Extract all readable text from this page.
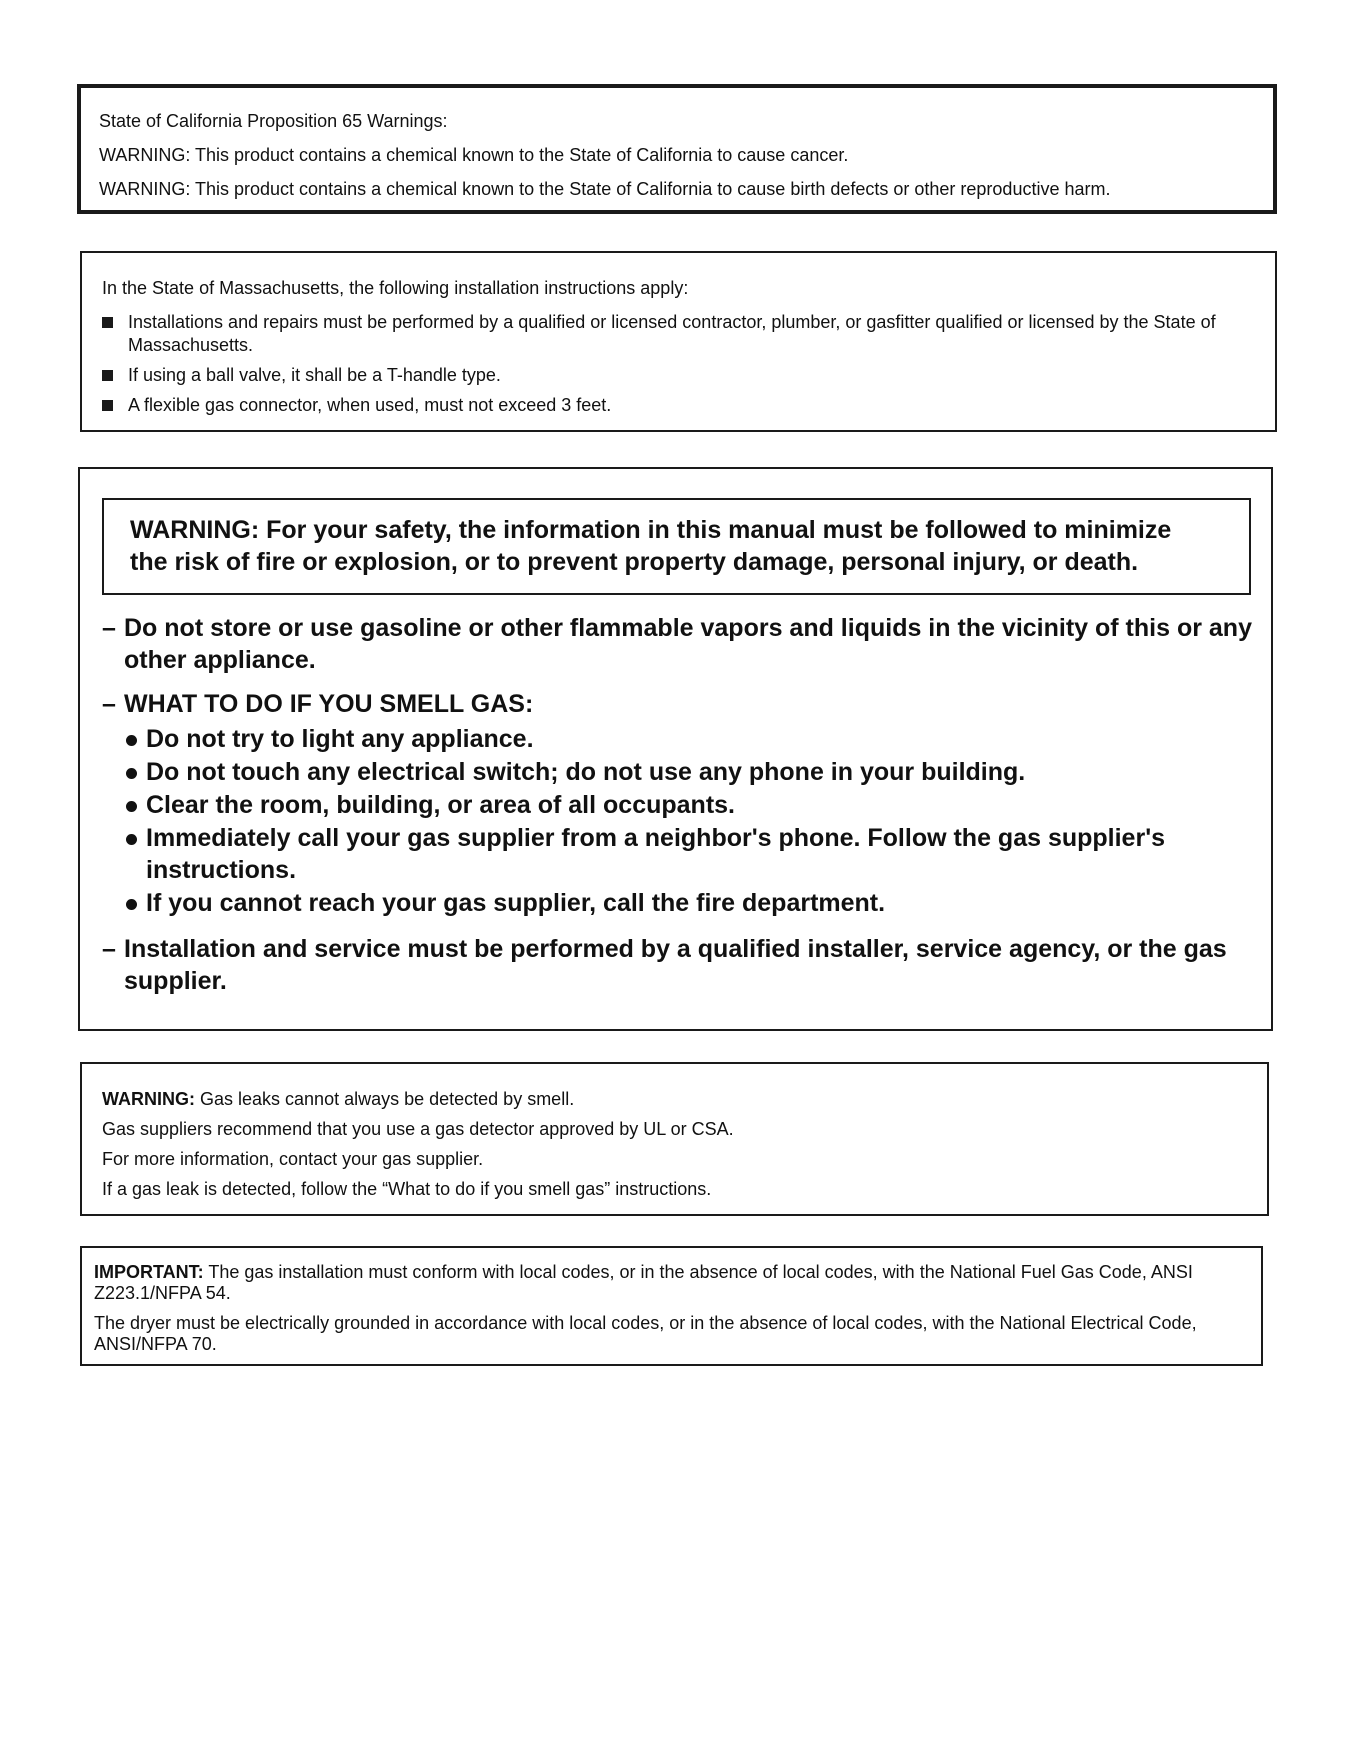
State of California Proposition 65 Warnings:
WARNING: This product contains a chemical known to the State of California to cause cancer.
WARNING: This product contains a chemical known to the State of California to cause birth defects or other reproductive harm.
In the State of Massachusetts, the following installation instructions apply:
Installations and repairs must be performed by a qualified or licensed contractor, plumber, or gasfitter qualified or licensed by the State of Massachusetts.
If using a ball valve, it shall be a T-handle type.
A flexible gas connector, when used, must not exceed 3 feet.
WARNING: For your safety, the information in this manual must be followed to minimize
the risk of fire or explosion, or to prevent property damage, personal injury, or death.
– Do not store or use gasoline or other flammable vapors and liquids in the vicinity of this or any other appliance.
– WHAT TO DO IF YOU SMELL GAS:
Do not try to light any appliance.
Do not touch any electrical switch; do not use any phone in your building.
Clear the room, building, or area of all occupants.
Immediately call your gas supplier from a neighbor's phone. Follow the gas supplier's instructions.
If you cannot reach your gas supplier, call the fire department.
– Installation and service must be performed by a qualified installer, service agency, or the gas supplier.
WARNING: Gas leaks cannot always be detected by smell.
Gas suppliers recommend that you use a gas detector approved by UL or CSA.
For more information, contact your gas supplier.
If a gas leak is detected, follow the “What to do if you smell gas” instructions.

IMPORTANT: The gas installation must conform with local codes, or in the absence of local codes, with the National Fuel Gas Code, ANSI Z223.1/NFPA 54.

The dryer must be electrically grounded in accordance with local codes, or in the absence of local codes, with the National Electrical Code, ANSI/NFPA 70.
